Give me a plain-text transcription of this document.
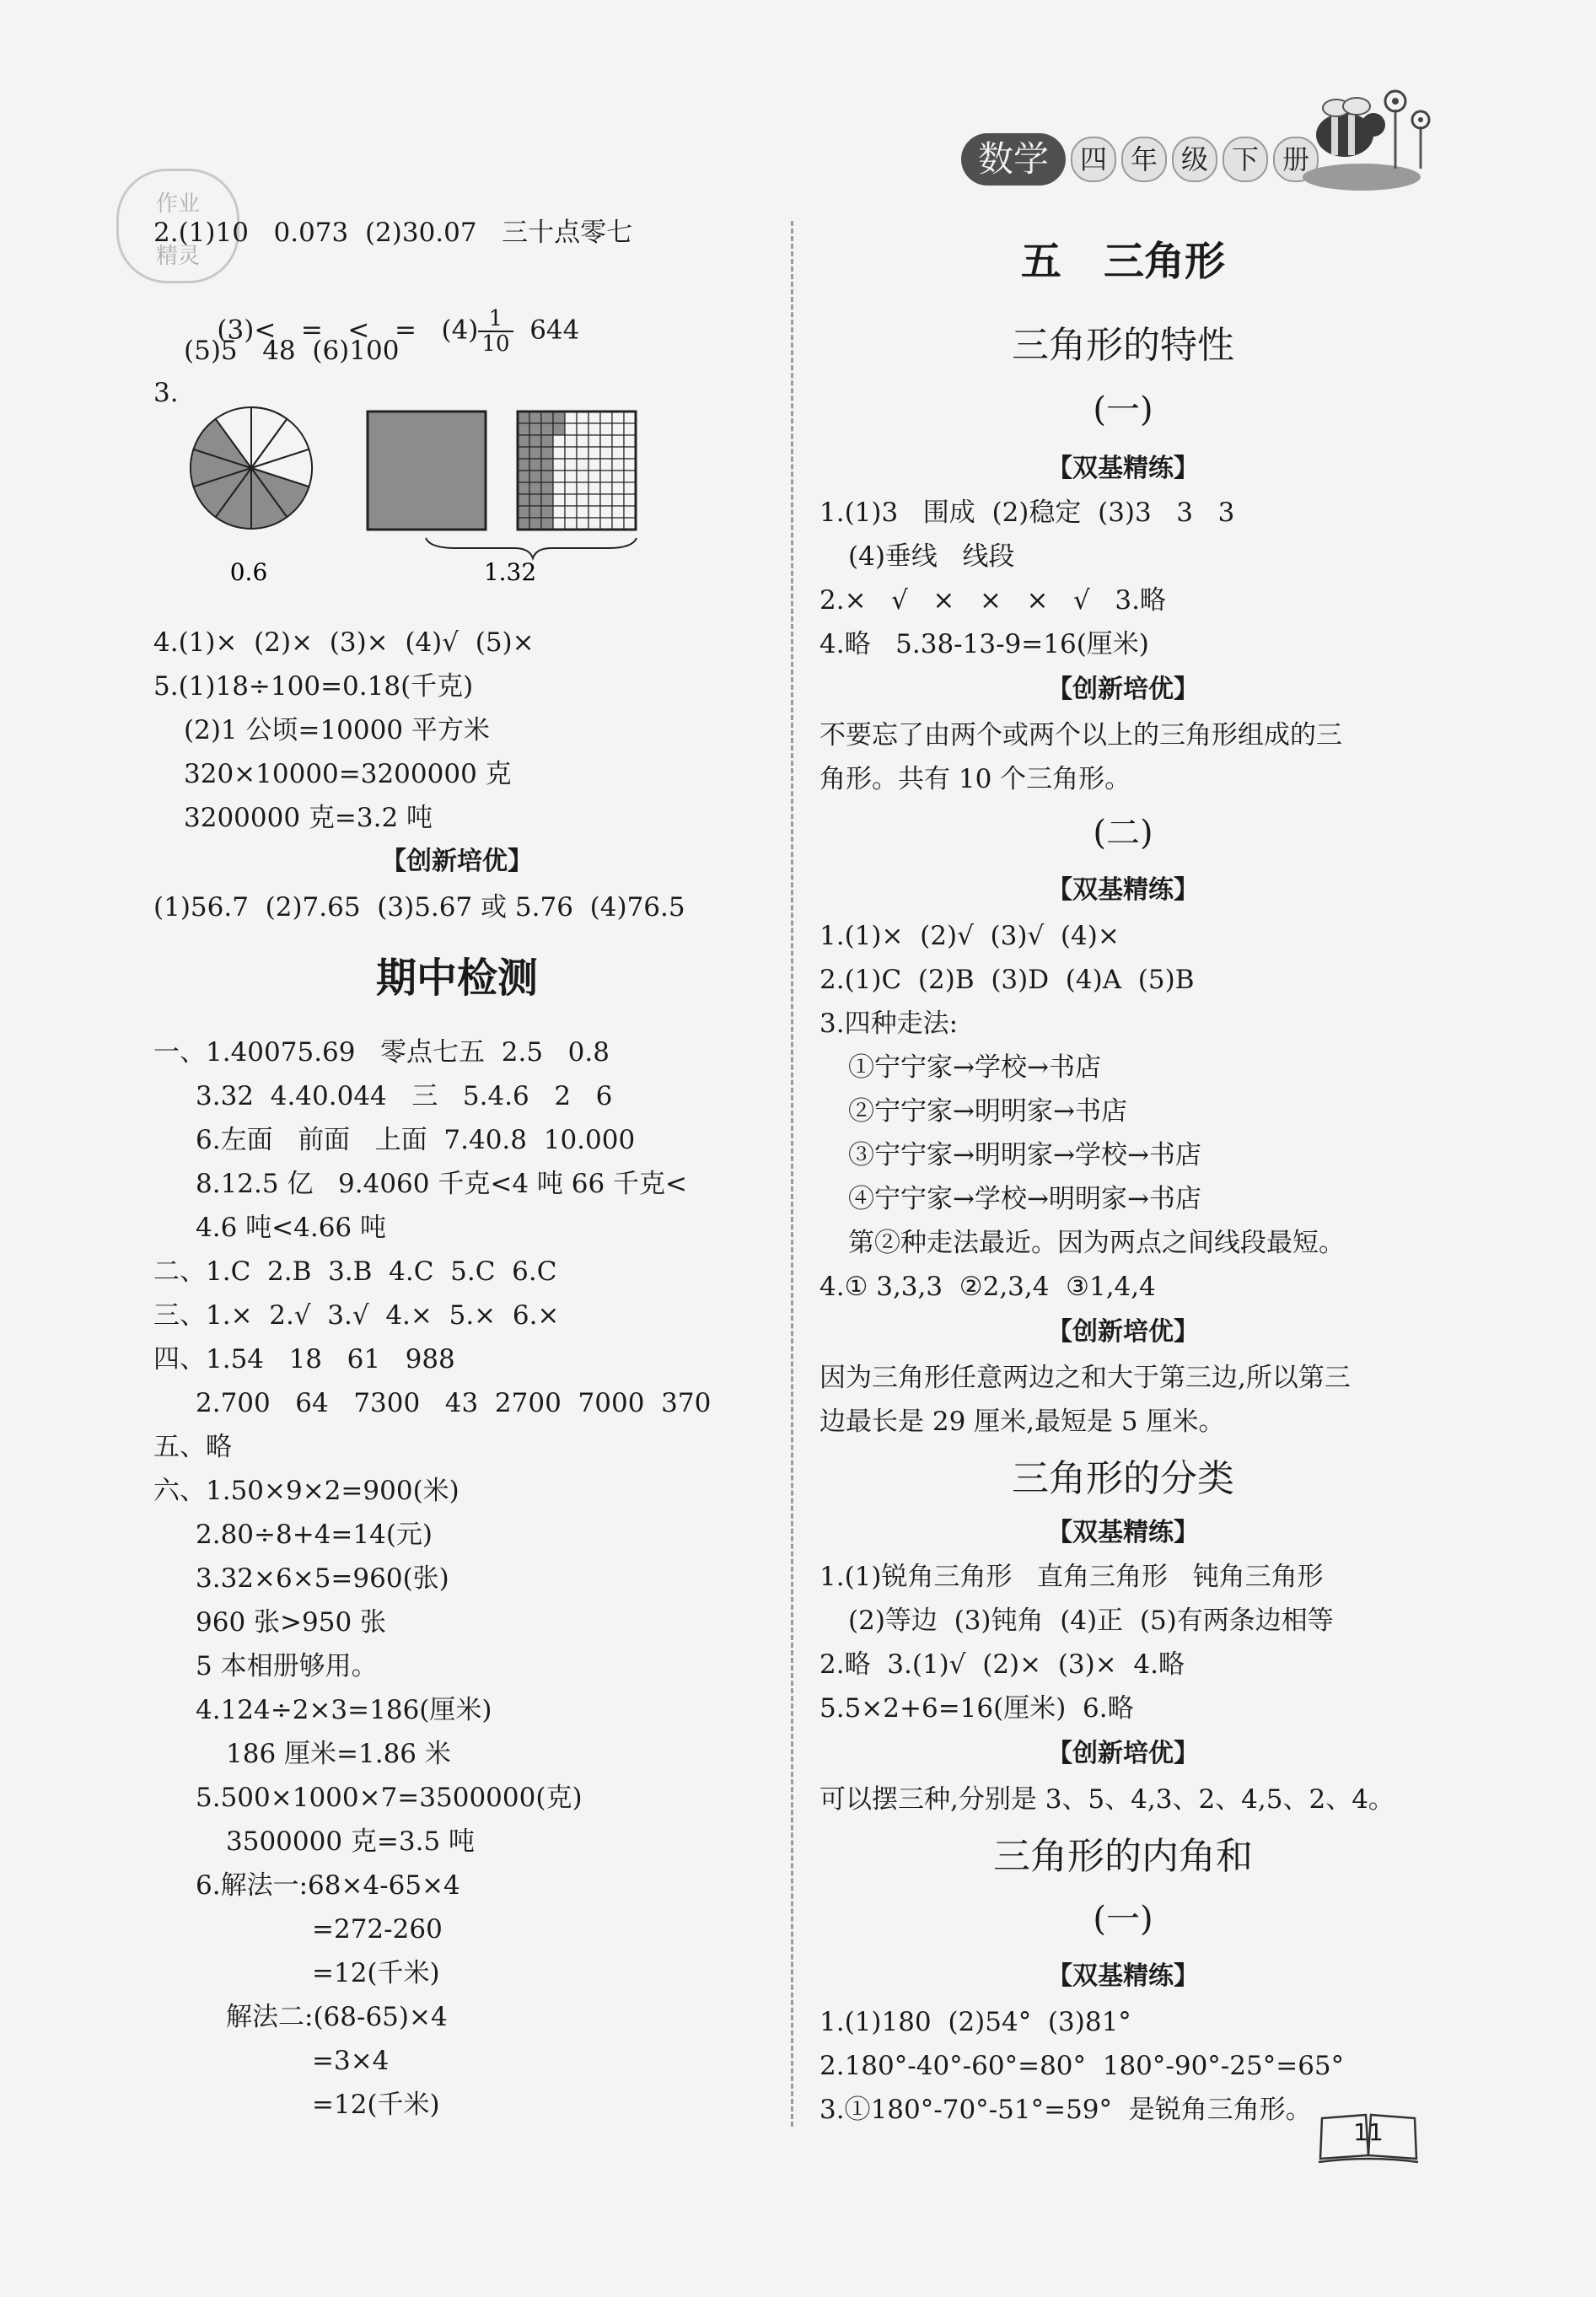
数学	四 年 级 下 册
作业
精灵
2.(1)10   0.073  (2)30.07   三十点零七

(3)<   =   <   =   $(4) \frac{1}{10} 644$

(5)5   48  (6)100
3.
0.6	1.32
4.(1)×  (2)×  (3)×  (4)√  (5)×
5.(1)18÷100=0.18(千克)
(2)1 公顷=10000 平方米
320×10000=3200000 克
3200000 克=3.2 吨
【创新培优】
(1)56.7  (2)7.65  (3)5.67 或 5.76  (4)76.5
期中检测
一、1.40075.69   零点七五  2.5   0.8
3.32  4.40.044   三   5.4.6   2   6
6.左面   前面   上面  7.40.8  10.000
8.12.5 亿   9.4060 千克<4 吨 66 千克<
4.6 吨<4.66 吨
二、1.C  2.B  3.B  4.C  5.C  6.C
三、1.×  2.√  3.√  4.×  5.×  6.×
四、1.54   18   61   988
2.700   64   7300   43  2700  7000  370
五、略
六、1.50×9×2=900(米)
2.80÷8+4=14(元)
3.32×6×5=960(张)
960 张>950 张
5 本相册够用。
4.124÷2×3=186(厘米)
186 厘米=1.86 米
5.500×1000×7=3500000(克)
3500000 克=3.5 吨
6.解法一:68×4-65×4
=272-260
=12(千米)
解法二:(68-65)×4
=3×4
=12(千米)
五   三角形
三角形的特性
(一)
【双基精练】
1.(1)3   围成  (2)稳定  (3)3   3   3
(4)垂线   线段
2.×   √   ×   ×   ×   √   3.略
4.略   5.38-13-9=16(厘米)
【创新培优】
不要忘了由两个或两个以上的三角形组成的三
角形。共有 10 个三角形。
(二)
【双基精练】
1.(1)×  (2)√  (3)√  (4)×
2.(1)C  (2)B  (3)D  (4)A  (5)B
3.四种走法:
①宁宁家→学校→书店
②宁宁家→明明家→书店
③宁宁家→明明家→学校→书店
④宁宁家→学校→明明家→书店
第②种走法最近。因为两点之间线段最短。
4.① 3,3,3  ②2,3,4  ③1,4,4
【创新培优】
因为三角形任意两边之和大于第三边,所以第三
边最长是 29 厘米,最短是 5 厘米。
三角形的分类
【双基精练】
1.(1)锐角三角形   直角三角形   钝角三角形
(2)等边  (3)钝角  (4)正  (5)有两条边相等
2.略  3.(1)√  (2)×  (3)×  4.略
5.5×2+6=16(厘米)  6.略
【创新培优】
可以摆三种,分别是 3、5、4,3、2、4,5、2、4。
三角形的内角和
(一)
【双基精练】
1.(1)180  (2)54°  (3)81°
2.180°-40°-60°=80°  180°-90°-25°=65°
3.①180°-70°-51°=59°  是锐角三角形。
11
